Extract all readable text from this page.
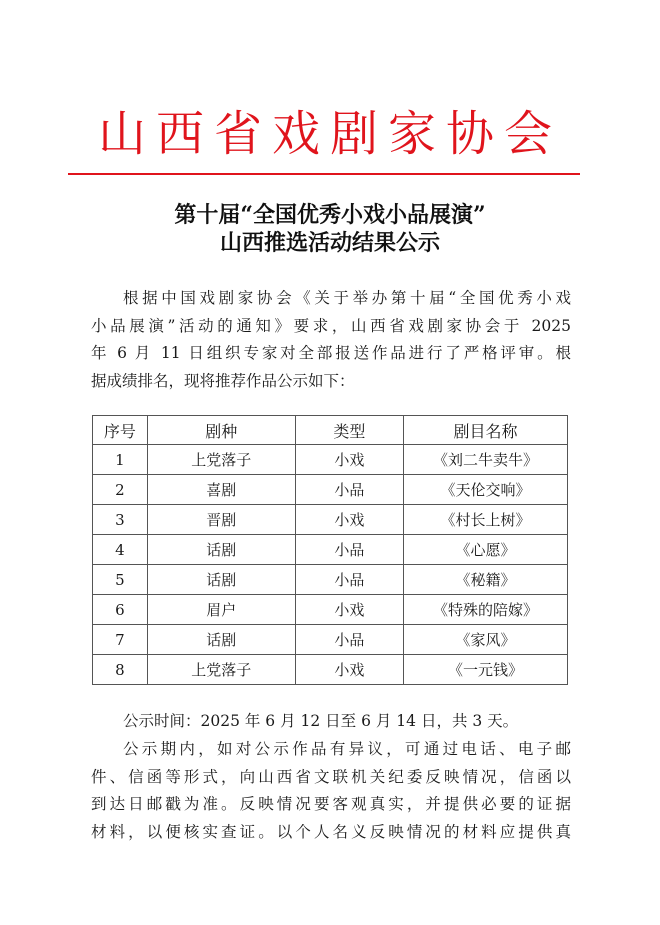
山西省戏剧家协会
第十届“全国优秀小戏小品展演”
山西推选活动结果公示
根据中国戏剧家协会《关于举办第十届“全国优秀小戏
小品展演”活动的通知》要求，山西省戏剧家协会于 2025
年 6 月 11 日组织专家对全部报送作品进行了严格评审。根
据成绩排名，现将推荐作品公示如下：
序号	剧种	类型	剧目名称
1	上党落子	小戏	《刘二牛卖牛》
2	喜剧	小品	《天伦交响》
3	晋剧	小戏	《村长上树》
4	话剧	小品	《心愿》
5	话剧	小品	《秘籍》
6	眉户	小戏	《特殊的陪嫁》
7	话剧	小品	《家风》
8	上党落子	小戏	《一元钱》
公示时间：2025 年 6 月 12 日至 6 月 14 日，共 3 天。
公示期内，如对公示作品有异议，可通过电话、电子邮
件、信函等形式，向山西省文联机关纪委反映情况，信函以
到达日邮戳为准。反映情况要客观真实，并提供必要的证据
材料，以便核实查证。以个人名义反映情况的材料应提供真
